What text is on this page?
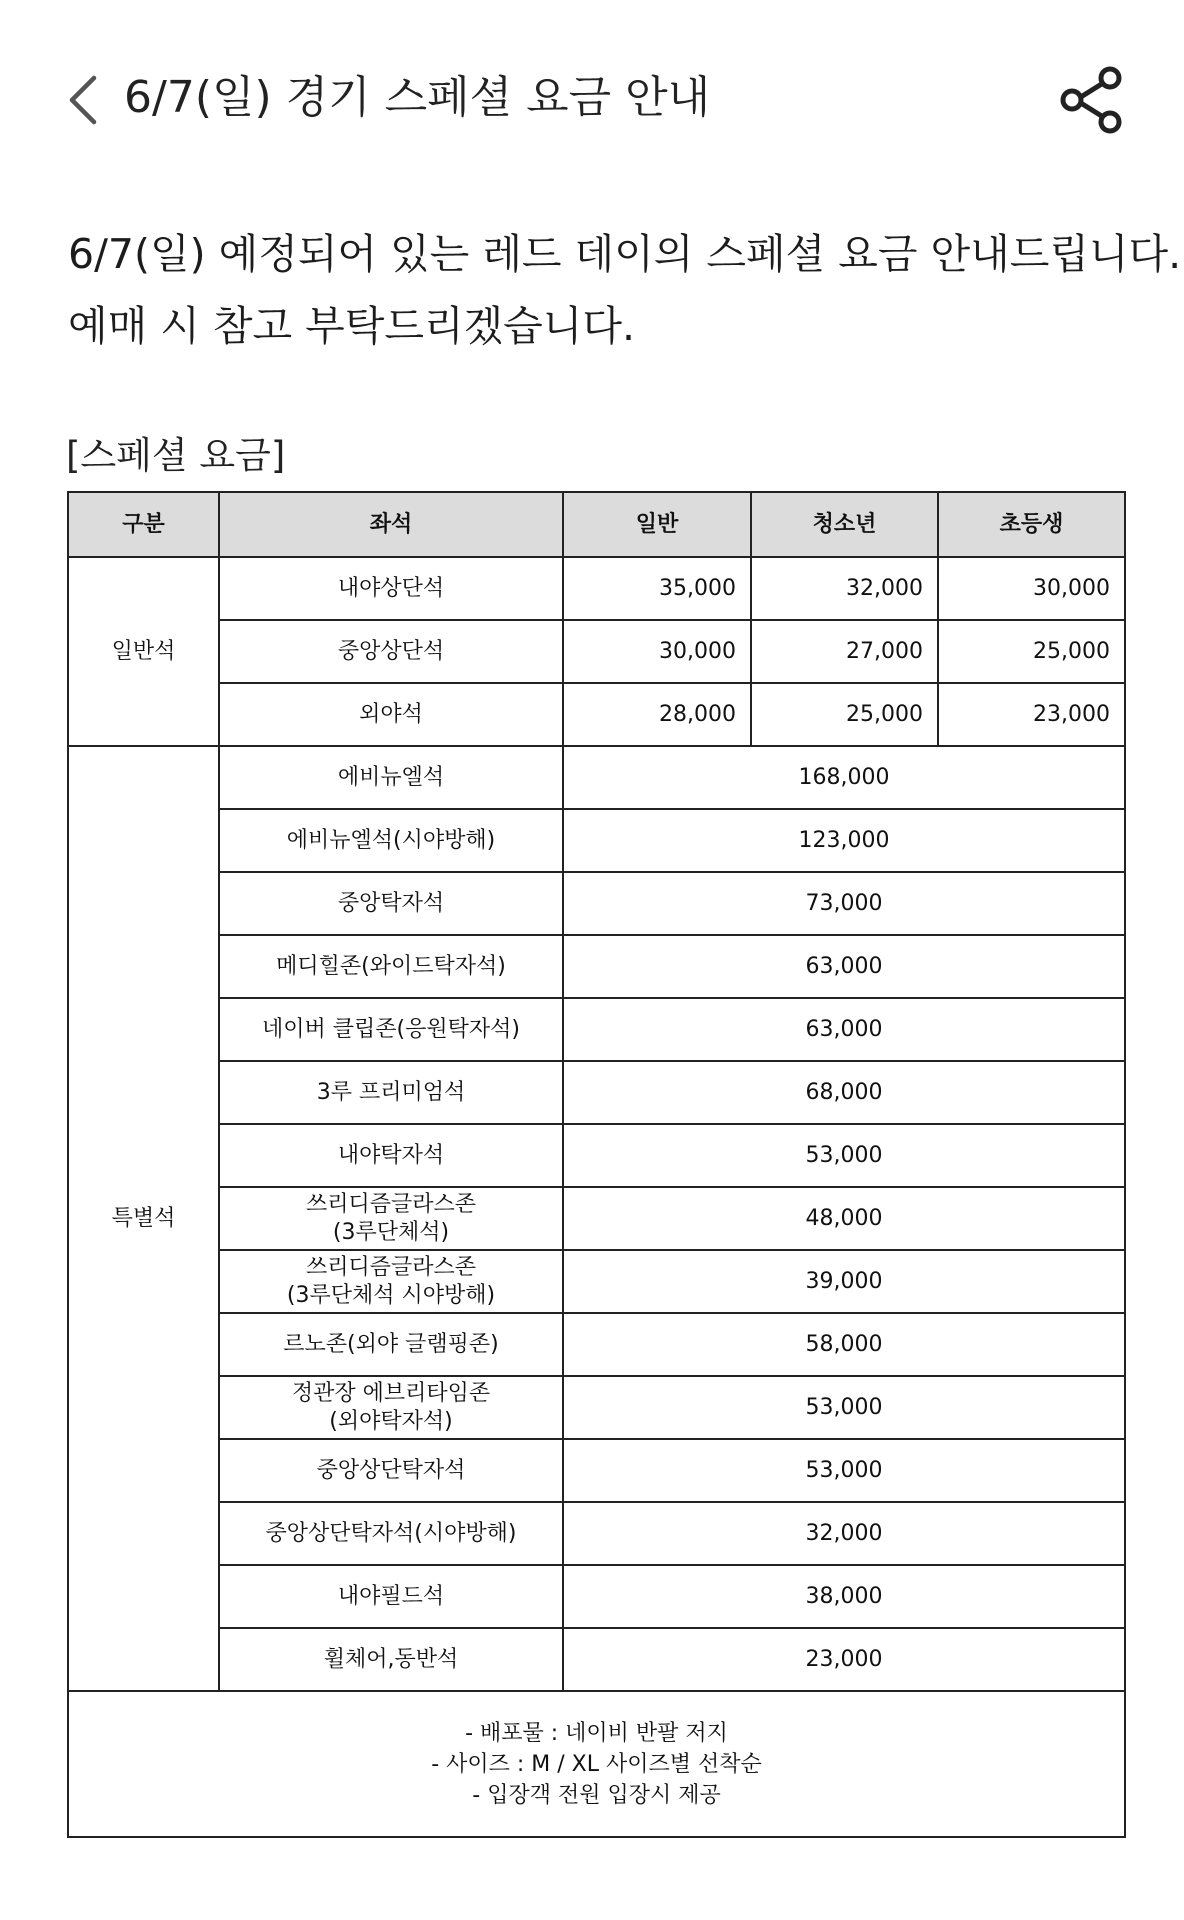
6/7(일) 경기 스페셜 요금 안내

6/7(일) 예정되어 있는 레드 데이의 스페셜 요금 안내드립니다.

예매 시 참고 부탁드리겠습니다.

[스페셜 요금]
구분	좌석	일반	청소년	초등생
일반석	내야상단석	35,000	32,000	30,000
	중앙상단석	30,000	27,000	25,000
	외야석	28,000	25,000	23,000
특별석	에비뉴엘석	168,000		

	에비뉴엘석(시야방해)	123,000		

	중앙탁자석	73,000		

	메디힐존(와이드탁자석)	63,000		

	네이버 클립존(응원탁자석)	63,000		

	3루 프리미엄석	68,000		

	내야탁자석	53,000		

	쓰리디즘글라스존
(3루단체석)	48,000		

	쓰리디즘글라스존
(3루단체석 시야방해)	39,000		

	르노존(외야 글램핑존)	58,000		

	정관장 에브리타임존
(외야탁자석)	53,000		

	중앙상단탁자석	53,000		

	중앙상단탁자석(시야방해)	32,000		

	내야필드석	38,000		

	휠체어,동반석	23,000		

- 배포물 : 네이비 반팔 저지
- 사이즈 : M / XL 사이즈별 선착순
- 입장객 전원 입장시 제공				
